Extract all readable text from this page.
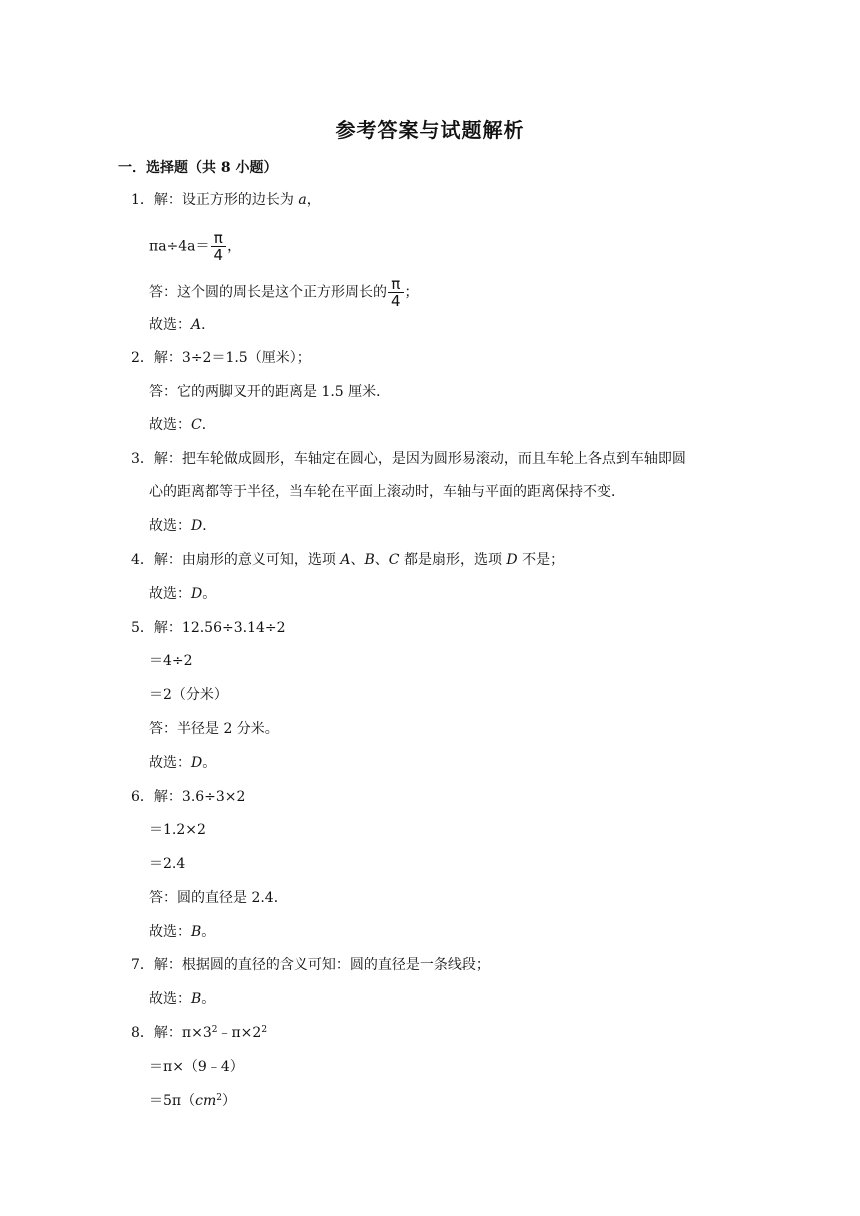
参考答案与试题解析
一．选择题（共 8 小题）
1．解：设正方形的边长为 a，
$\pi a\div 4a= \frac{\pi}{4}$ ，
答：这个圆的周长是这个正方形周长的 $\frac{\pi}{4}$ ；
故选：A．
2．解：3÷2＝1.5（厘米）；
答：它的两脚叉开的距离是 1.5 厘米．
故选：C．
3．解：把车轮做成圆形，车轴定在圆心，是因为圆形易滚动，而且车轮上各点到车轴即圆
心的距离都等于半径，当车轮在平面上滚动时，车轴与平面的距离保持不变．
故选：D．
4．解：由扇形的意义可知，选项 A、B、C 都是扇形，选项 D 不是；
故选：D。
5．解：12.56÷3.14÷2
＝4÷2
＝2（分米）
答：半径是 2 分米。
故选：D。
6．解：3.6÷3×2
＝1.2×2
＝2.4
答：圆的直径是 2.4．
故选：B。
7．解：根据圆的直径的含义可知：圆的直径是一条线段；
故选：B。
8．解：$\pi\times 3^2﹣\pi\times 2^2$
＝π×（9﹣4）
$=5\pi(cm^2)$
